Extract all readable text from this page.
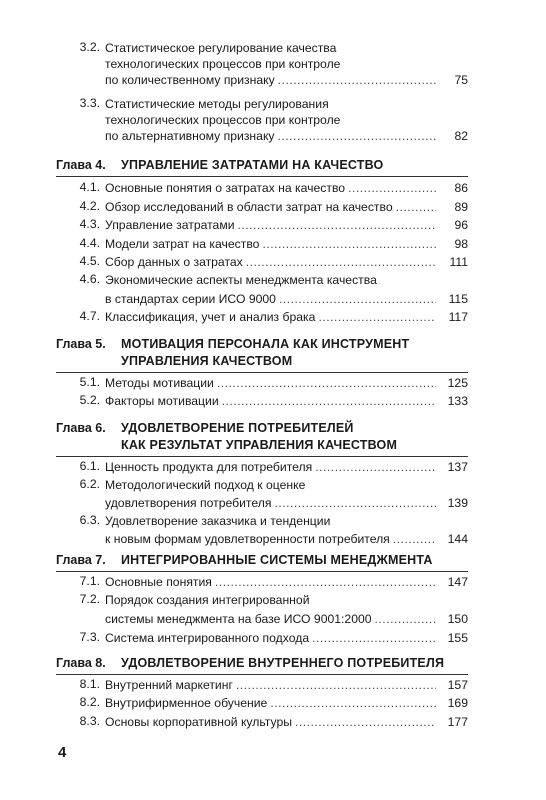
3.2. Статистическое регулирование качества
технологических процессов при контроле
по количественному признаку .....	75
3.3. Статистические методы регулирования
технологических процессов при контроле
по альтернативному признаку .....	82
Глава 4. УПРАВЛЕНИЕ ЗАТРАТАМИ НА КАЧЕСТВО
4.1. Основные понятия о затратах на качество .....	86
4.2. Обзор исследований в области затрат на качество .....	89
4.3. Управление затратами .....	96
4.4. Модели затрат на качество .....	98
4.5. Сбор данных о затратах .....	111
4.6. Экономические аспекты менеджмента качества
в стандартах серии ИСО 9000 .....	115
4.7. Классификация, учет и анализ брака .....	117
Глава 5. МОТИВАЦИЯ ПЕРСОНАЛА КАК ИНСТРУМЕНТ
УПРАВЛЕНИЯ КАЧЕСТВОМ
5.1. Методы мотивации .....	125
5.2. Факторы мотивации .....	133
Глава 6. УДОВЛЕТВОРЕНИЕ ПОТРЕБИТЕЛЕЙ
КАК РЕЗУЛЬТАТ УПРАВЛЕНИЯ КАЧЕСТВОМ
6.1. Ценность продукта для потребителя .....	137
6.2. Методологический подход к оценке
удовлетворения потребителя .....	139
6.3. Удовлетворение заказчика и тенденции
к новым формам удовлетворенности потребителя .....	144
Глава 7. ИНТЕГРИРОВАННЫЕ СИСТЕМЫ МЕНЕДЖМЕНТА
7.1. Основные понятия .....	147
7.2. Порядок создания интегрированной
системы менеджмента на базе ИСО 9001:2000 .....	150
7.3. Система интегрированного подхода .....	155
Глава 8. УДОВЛЕТВОРЕНИЕ ВНУТРЕННЕГО ПОТРЕБИТЕЛЯ
8.1. Внутренний маркетинг .....	157
8.2. Внутрифирменное обучение .....	169
8.3. Основы корпоративной культуры .....	177
4
